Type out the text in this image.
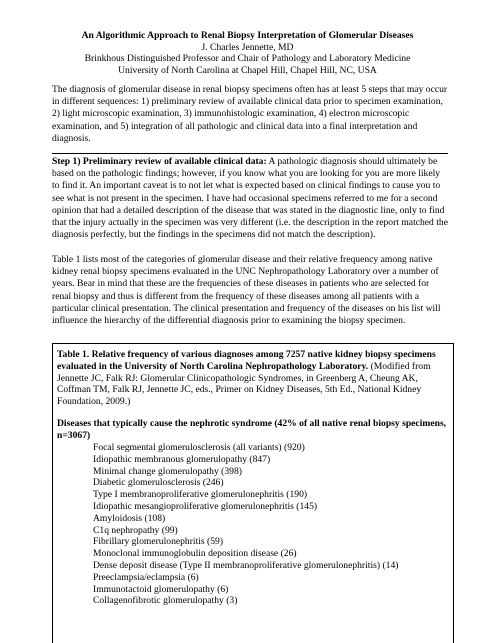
An Algorithmic Approach to Renal Biopsy Interpretation of Glomerular Diseases
J. Charles Jennette, MD
Brinkhous Distinguished Professor and Chair of Pathology and Laboratory Medicine
University of North Carolina at Chapel Hill, Chapel Hill, NC, USA

The diagnosis of glomerular disease in renal biopsy specimens often has at least 5 steps that may occur in different sequences: 1) preliminary review of available clinical data prior to specimen examination, 2) light microscopic examination, 3) immunohistologic examination, 4) electron microscopic examination, and 5) integration of all pathologic and clinical data into a final interpretation and diagnosis.

Step 1) Preliminary review of available clinical data: A pathologic diagnosis should ultimately be based on the pathologic findings; however, if you know what you are looking for you are more likely to find it. An important caveat is to not let what is expected based on clinical findings to cause you to see what is not present in the specimen. I have had occasional specimens referred to me for a second opinion that had a detailed description of the disease that was stated in the diagnostic line, only to find that the injury actually in the specimen was very different (i.e. the description in the report matched the diagnosis perfectly, but the findings in the specimens did not match the description).

Table 1 lists most of the categories of glomerular disease and their relative frequency among native kidney renal biopsy specimens evaluated in the UNC Nephropathology Laboratory over a number of years. Bear in mind that these are the frequencies of these diseases in patients who are selected for renal biopsy and thus is different from the frequency of these diseases among all patients with a particular clinical presentation. The clinical presentation and frequency of the diseases on his list will influence the hierarchy of the differential diagnosis prior to examining the biopsy specimen.

Table 1. Relative frequency of various diagnoses among 7257 native kidney biopsy specimens evaluated in the University of North Carolina Nephropathology Laboratory. (Modified from Jennette JC, Falk RJ: Glomerular Clinicopathologic Syndromes, in Greenberg A, Cheung AK, Coffman TM, Falk RJ, Jennette JC, eds., Primer on Kidney Diseases, 5th Ed., National Kidney Foundation, 2009.)
Diseases that typically cause the nephrotic syndrome (42% of all native renal biopsy specimens, n=3067)
Focal segmental glomerulosclerosis (all variants) (920)
Idiopathic membranous glomerulopathy (847)
Minimal change glomerulopathy (398)
Diabetic glomerulosclerosis (246)
Type I membranoproliferative glomerulonephritis (190)
Idiopathic mesangioproliferative glomerulonephritis (145)
Amyloidosis (108)
C1q nephropathy (99)
Fibrillary glomerulonephritis (59)
Monoclonal immunoglobulin deposition disease (26)
Dense deposit disease (Type II membranoproliferative glomerulonephritis) (14)
Preeclampsia/eclampsia (6)
Immunotactoid glomerulopathy (6)
Collagenofibrotic glomerulopathy (3)
